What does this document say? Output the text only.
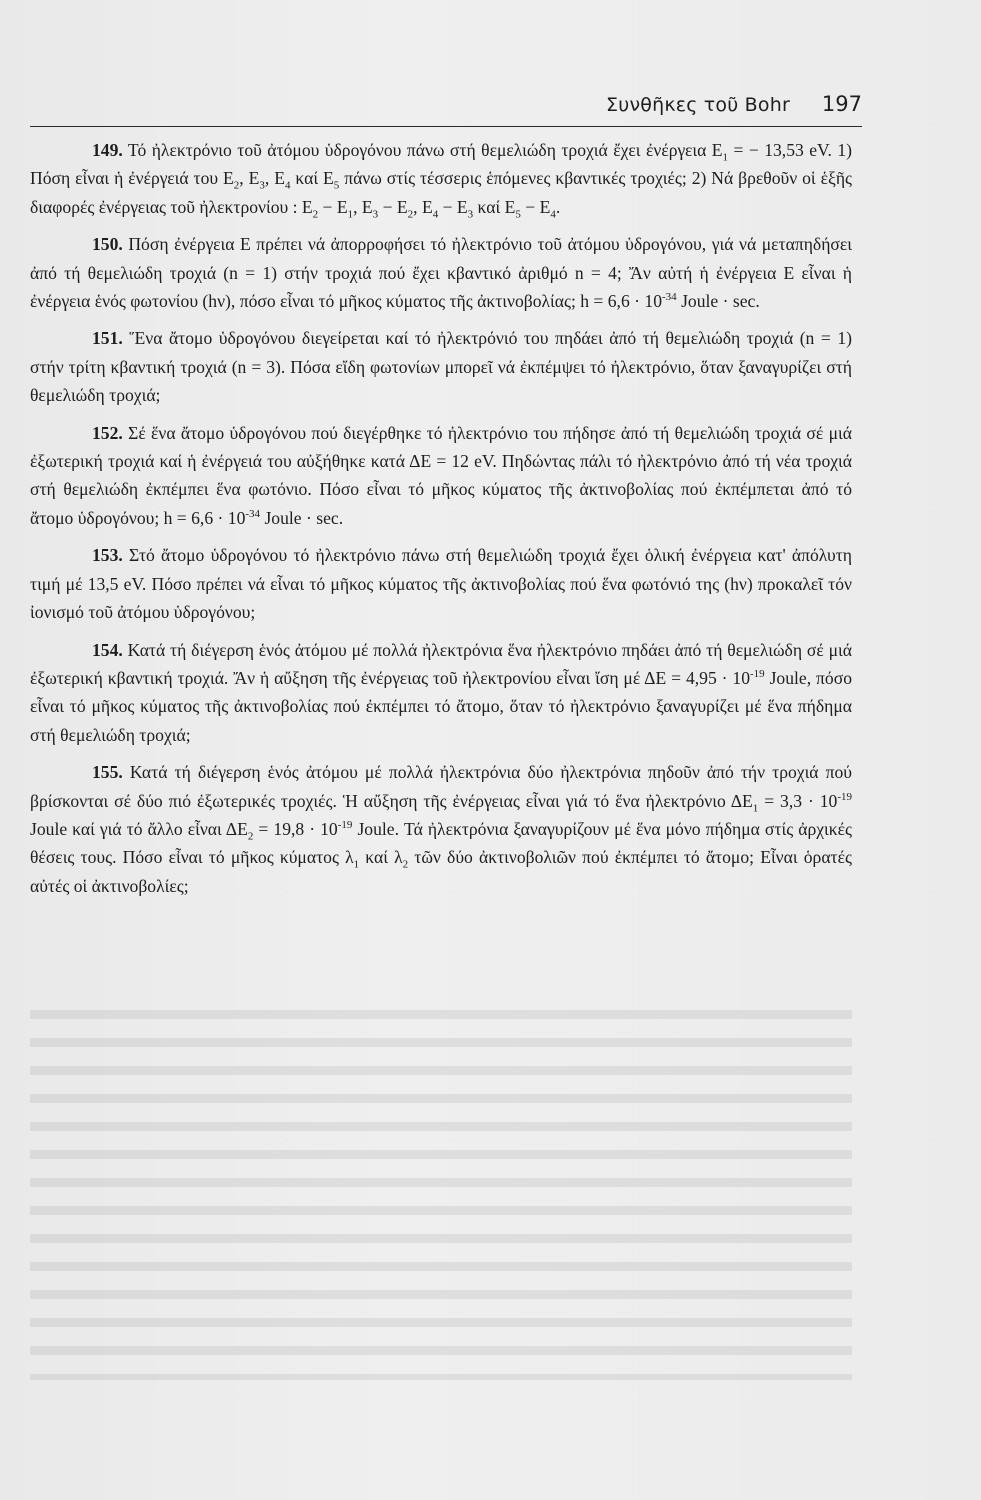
Συνθῆκες τοῦ Bohr 197

149. Τό ἠλεκτρόνιο τοῦ ἀτόμου ὑδρογόνου πάνω στή θεμελιώδη τροχιά ἔχει ἐνέργεια $E_1$ = − 13,53 eV. 1) Πόση εἶναι ἡ ἐνέργειά του $E_2$, $E_3$, $E_4$ καί $E_5$ πάνω στίς τέσσερις ἑπόμενες κβαντικές τροχιές; 2) Νά βρεθοῦν οἱ ἑξῆς διαφορές ἐνέργειας τοῦ ἠλεκτρονίου : $E_2 - E_1$, $E_3 - E_2$, $E_4 - E_3$ καί $E_5 - E_4$.

150. Πόση ἐνέργεια E πρέπει νά ἀπορροφήσει τό ἠλεκτρόνιο τοῦ ἀτόμου ὑδρογόνου, γιά νά μεταπηδήσει ἀπό τή θεμελιώδη τροχιά (n = 1) στήν τροχιά πού ἔχει κβαντικό ἀριθμό n = 4; Ἄν αὐτή ἡ ἐνέργεια E εἶναι ἡ ἐνέργεια ἑνός φωτονίου (hν), πόσο εἶναι τό μῆκος κύματος τῆς ἀκτινοβολίας; $h = 6,6 \cdot 10^{-34}$ Joule · sec.

151. Ἕνα ἄτομο ὑδρογόνου διεγείρεται καί τό ἠλεκτρόνιό του πηδάει ἀπό τή θεμελιώδη τροχιά (n = 1) στήν τρίτη κβαντική τροχιά (n = 3). Πόσα εἴδη φωτονίων μπορεῖ νά ἐκπέμψει τό ἠλεκτρόνιο, ὅταν ξαναγυρίζει στή θεμελιώδη τροχιά;

152. Σέ ἕνα ἄτομο ὑδρογόνου πού διεγέρθηκε τό ἠλεκτρόνιο του πήδησε ἀπό τή θεμελιώδη τροχιά σέ μιά ἐξωτερική τροχιά καί ἡ ἐνέργειά του αὐξήθηκε κατά ΔE = 12 eV. Πηδώντας πάλι τό ἠλεκτρόνιο ἀπό τή νέα τροχιά στή θεμελιώδη ἐκπέμπει ἕνα φωτόνιο. Πόσο εἶναι τό μῆκος κύματος τῆς ἀκτινοβολίας πού ἐκπέμπεται ἀπό τό ἄτομο ὑδρογόνου; $h = 6,6 \cdot 10^{-34}$ Joule · sec.

153. Στό ἄτομο ὑδρογόνου τό ἠλεκτρόνιο πάνω στή θεμελιώδη τροχιά ἔχει ὁλική ἐνέργεια κατ' ἀπόλυτη τιμή μέ 13,5 eV. Πόσο πρέπει νά εἶναι τό μῆκος κύματος τῆς ἀκτινοβολίας πού ἕνα φωτόνιό της (hν) προκαλεῖ τόν ἰονισμό τοῦ ἀτόμου ὑδρογόνου;

154. Κατά τή διέγερση ἑνός ἀτόμου μέ πολλά ἠλεκτρόνια ἕνα ἠλεκτρόνιο πηδάει ἀπό τή θεμελιώδη σέ μιά ἐξωτερική κβαντική τροχιά. Ἄν ἡ αὔξηση τῆς ἐνέργειας τοῦ ἠλεκτρονίου εἶναι ἴση μέ $\Delta E = 4,95 \cdot 10^{-19}$ Joule, πόσο εἶναι τό μῆκος κύματος τῆς ἀκτινοβολίας πού ἐκπέμπει τό ἄτομο, ὅταν τό ἠλεκτρόνιο ξαναγυρίζει μέ ἕνα πήδημα στή θεμελιώδη τροχιά;

155. Κατά τή διέγερση ἑνός ἀτόμου μέ πολλά ἠλεκτρόνια δύο ἠλεκτρόνια πηδοῦν ἀπό τήν τροχιά πού βρίσκονται σέ δύο πιό ἐξωτερικές τροχιές. Ἡ αὔξηση τῆς ἐνέργειας εἶναι γιά τό ἕνα ἠλεκτρόνιο $\Delta E_1 = 3,3 \cdot 10^{-19}$ Joule καί γιά τό ἄλλο εἶναι $\Delta E_2 = 19,8 \cdot 10^{-19}$ Joule. Τά ἠλεκτρόνια ξαναγυρίζουν μέ ἕνα μόνο πήδημα στίς ἀρχικές θέσεις τους. Πόσο εἶναι τό μῆκος κύματος $\lambda_1$ καί $\lambda_2$ τῶν δύο ἀκτινοβολιῶν πού ἐκπέμπει τό ἄτομο; Εἶναι ὁρατές αὐτές οἱ ἀκτινοβολίες;
